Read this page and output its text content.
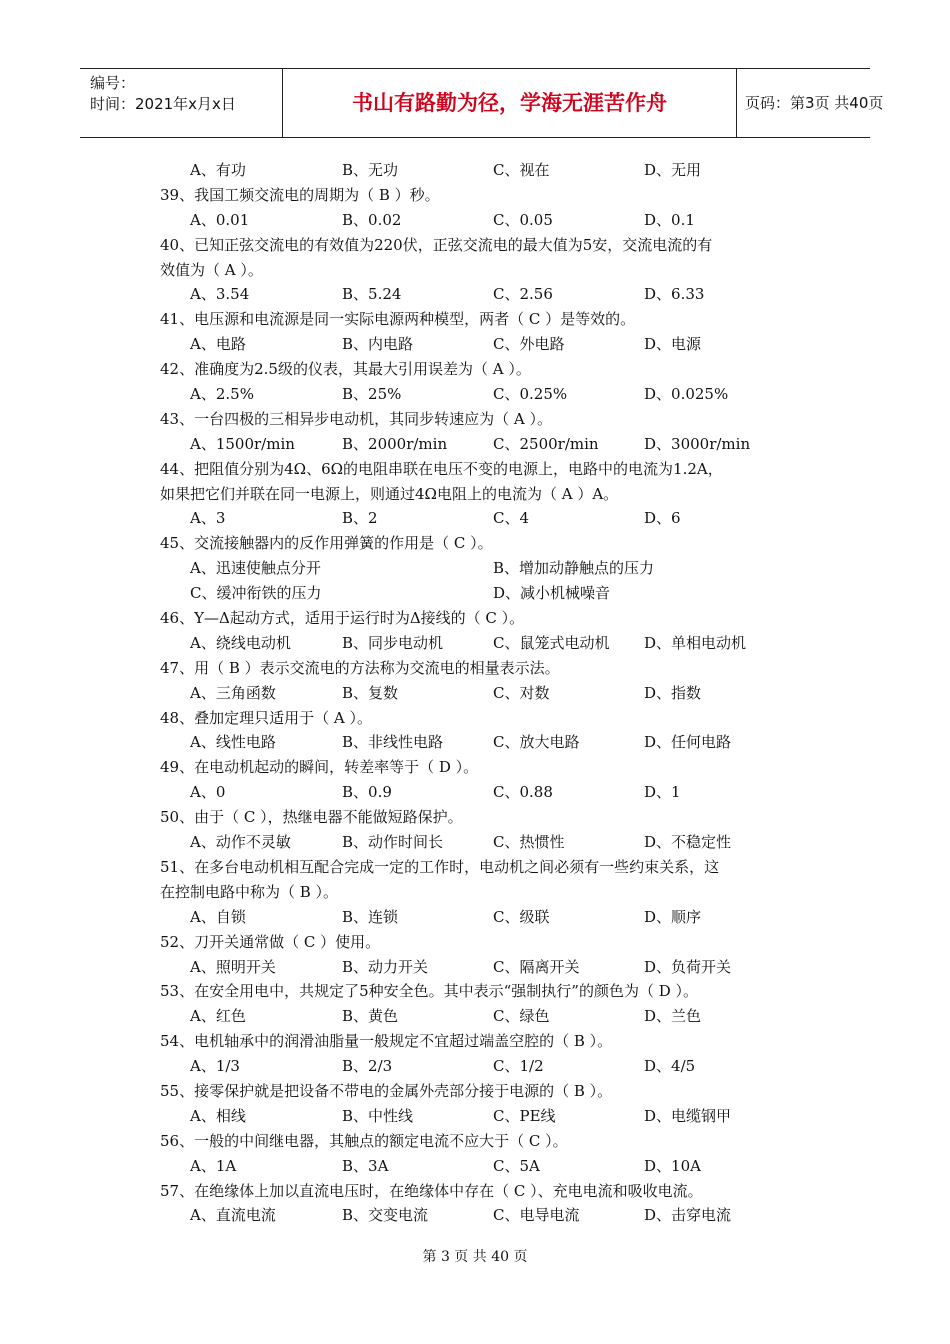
编号：
时间：2021年x月x日	书山有路勤为径，学海无涯苦作舟	页码：第3页 共40页
A、有功	B、无功	C、视在	D、无用
39、我国工频交流电的周期为（ B ）秒。
A、0.01	B、0.02	C、0.05	D、0.1
40、已知正弦交流电的有效值为220伏，正弦交流电的最大值为5安，交流电流的有
效值为（ A ）。
A、3.54	B、5.24	C、2.56	D、6.33
41、电压源和电流源是同一实际电源两种模型，两者（ C ）是等效的。
A、电路	B、内电路	C、外电路	D、电源
42、准确度为2.5级的仪表，其最大引用误差为（ A ）。
A、2.5%	B、25%	C、0.25%	D、0.025%
43、一台四极的三相异步电动机，其同步转速应为（ A ）。
A、1500r/min	B、2000r/min	C、2500r/min	D、3000r/min
44、把阻值分别为4Ω、6Ω的电阻串联在电压不变的电源上，电路中的电流为1.2A，
如果把它们并联在同一电源上，则通过4Ω电阻上的电流为（ A ）A。
A、3	B、2	C、4	D、6
45、交流接触器内的反作用弹簧的作用是（ C ）。
A、迅速使触点分开	B、增加动静触点的压力
C、缓冲衔铁的压力	D、减小机械噪音
46、Y—Δ起动方式，适用于运行时为Δ接线的（ C ）。
A、绕线电动机	B、同步电动机	C、鼠笼式电动机 D、单相电动机
47、用（ B ）表示交流电的方法称为交流电的相量表示法。
A、三角函数	B、复数	C、对数	D、指数
48、叠加定理只适用于（ A ）。
A、线性电路	B、非线性电路	C、放大电路	D、任何电路
49、在电动机起动的瞬间，转差率等于（ D ）。
A、0	B、0.9	C、0.88	D、1
50、由于（ C ），热继电器不能做短路保护。
A、动作不灵敏	B、动作时间长	C、热惯性	D、不稳定性
51、在多台电动机相互配合完成一定的工作时，电动机之间必须有一些约束关系，这
在控制电路中称为（ B ）。
A、自锁	B、连锁	C、级联	D、顺序
52、刀开关通常做（ C ）使用。
A、照明开关	B、动力开关	C、隔离开关	D、负荷开关
53、在安全用电中，共规定了5种安全色。其中表示“强制执行”的颜色为（ D ）。
A、红色	B、黄色	C、绿色	D、兰色
54、电机轴承中的润滑油脂量一般规定不宜超过端盖空腔的（ B ）。
A、1/3	B、2/3	C、1/2	D、4/5
55、接零保护就是把设备不带电的金属外壳部分接于电源的（ B ）。
A、相线	B、中性线	C、PE线	D、电缆钢甲
56、一般的中间继电器，其触点的额定电流不应大于（ C ）。
A、1A	B、3A	C、5A	D、10A
57、在绝缘体上加以直流电压时，在绝缘体中存在（ C ）、充电电流和吸收电流。
A、直流电流	B、交变电流	C、电导电流	D、击穿电流
第 3 页 共 40 页
